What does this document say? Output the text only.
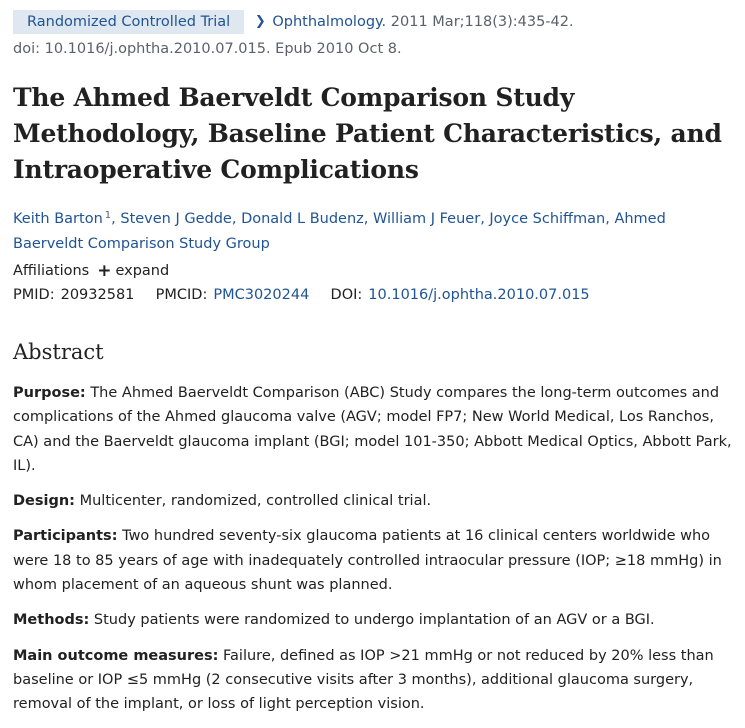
Randomized Controlled Trial ❯ Ophthalmology. 2011 Mar;118(3):435-42.
doi: 10.1016/j.ophtha.2010.07.015. Epub 2010 Oct 8.
The Ahmed Baerveldt Comparison Study Methodology, Baseline Patient Characteristics, and Intraoperative Complications
Keith Barton $^1$, Steven J Gedde, Donald L Budenz, William J Feuer, Joyce Schiffman, Ahmed Baerveldt Comparison Study Group
Affiliations + expand
PMID: 20932581 PMCID: PMC3020244 DOI: 10.1016/j.ophtha.2010.07.015
Abstract

Purpose: The Ahmed Baerveldt Comparison (ABC) Study compares the long-term outcomes and complications of the Ahmed glaucoma valve (AGV; model FP7; New World Medical, Los Ranchos, CA) and the Baerveldt glaucoma implant (BGI; model 101-350; Abbott Medical Optics, Abbott Park, IL).

Design: Multicenter, randomized, controlled clinical trial.

Participants: Two hundred seventy-six glaucoma patients at 16 clinical centers worldwide who were 18 to 85 years of age with inadequately controlled intraocular pressure (IOP; ≥18 mmHg) in whom placement of an aqueous shunt was planned.

Methods: Study patients were randomized to undergo implantation of an AGV or a BGI.

Main outcome measures: Failure, defined as IOP >21 mmHg or not reduced by 20% less than baseline or IOP ≤5 mmHg (2 consecutive visits after 3 months), additional glaucoma surgery, removal of the implant, or loss of light perception vision.
